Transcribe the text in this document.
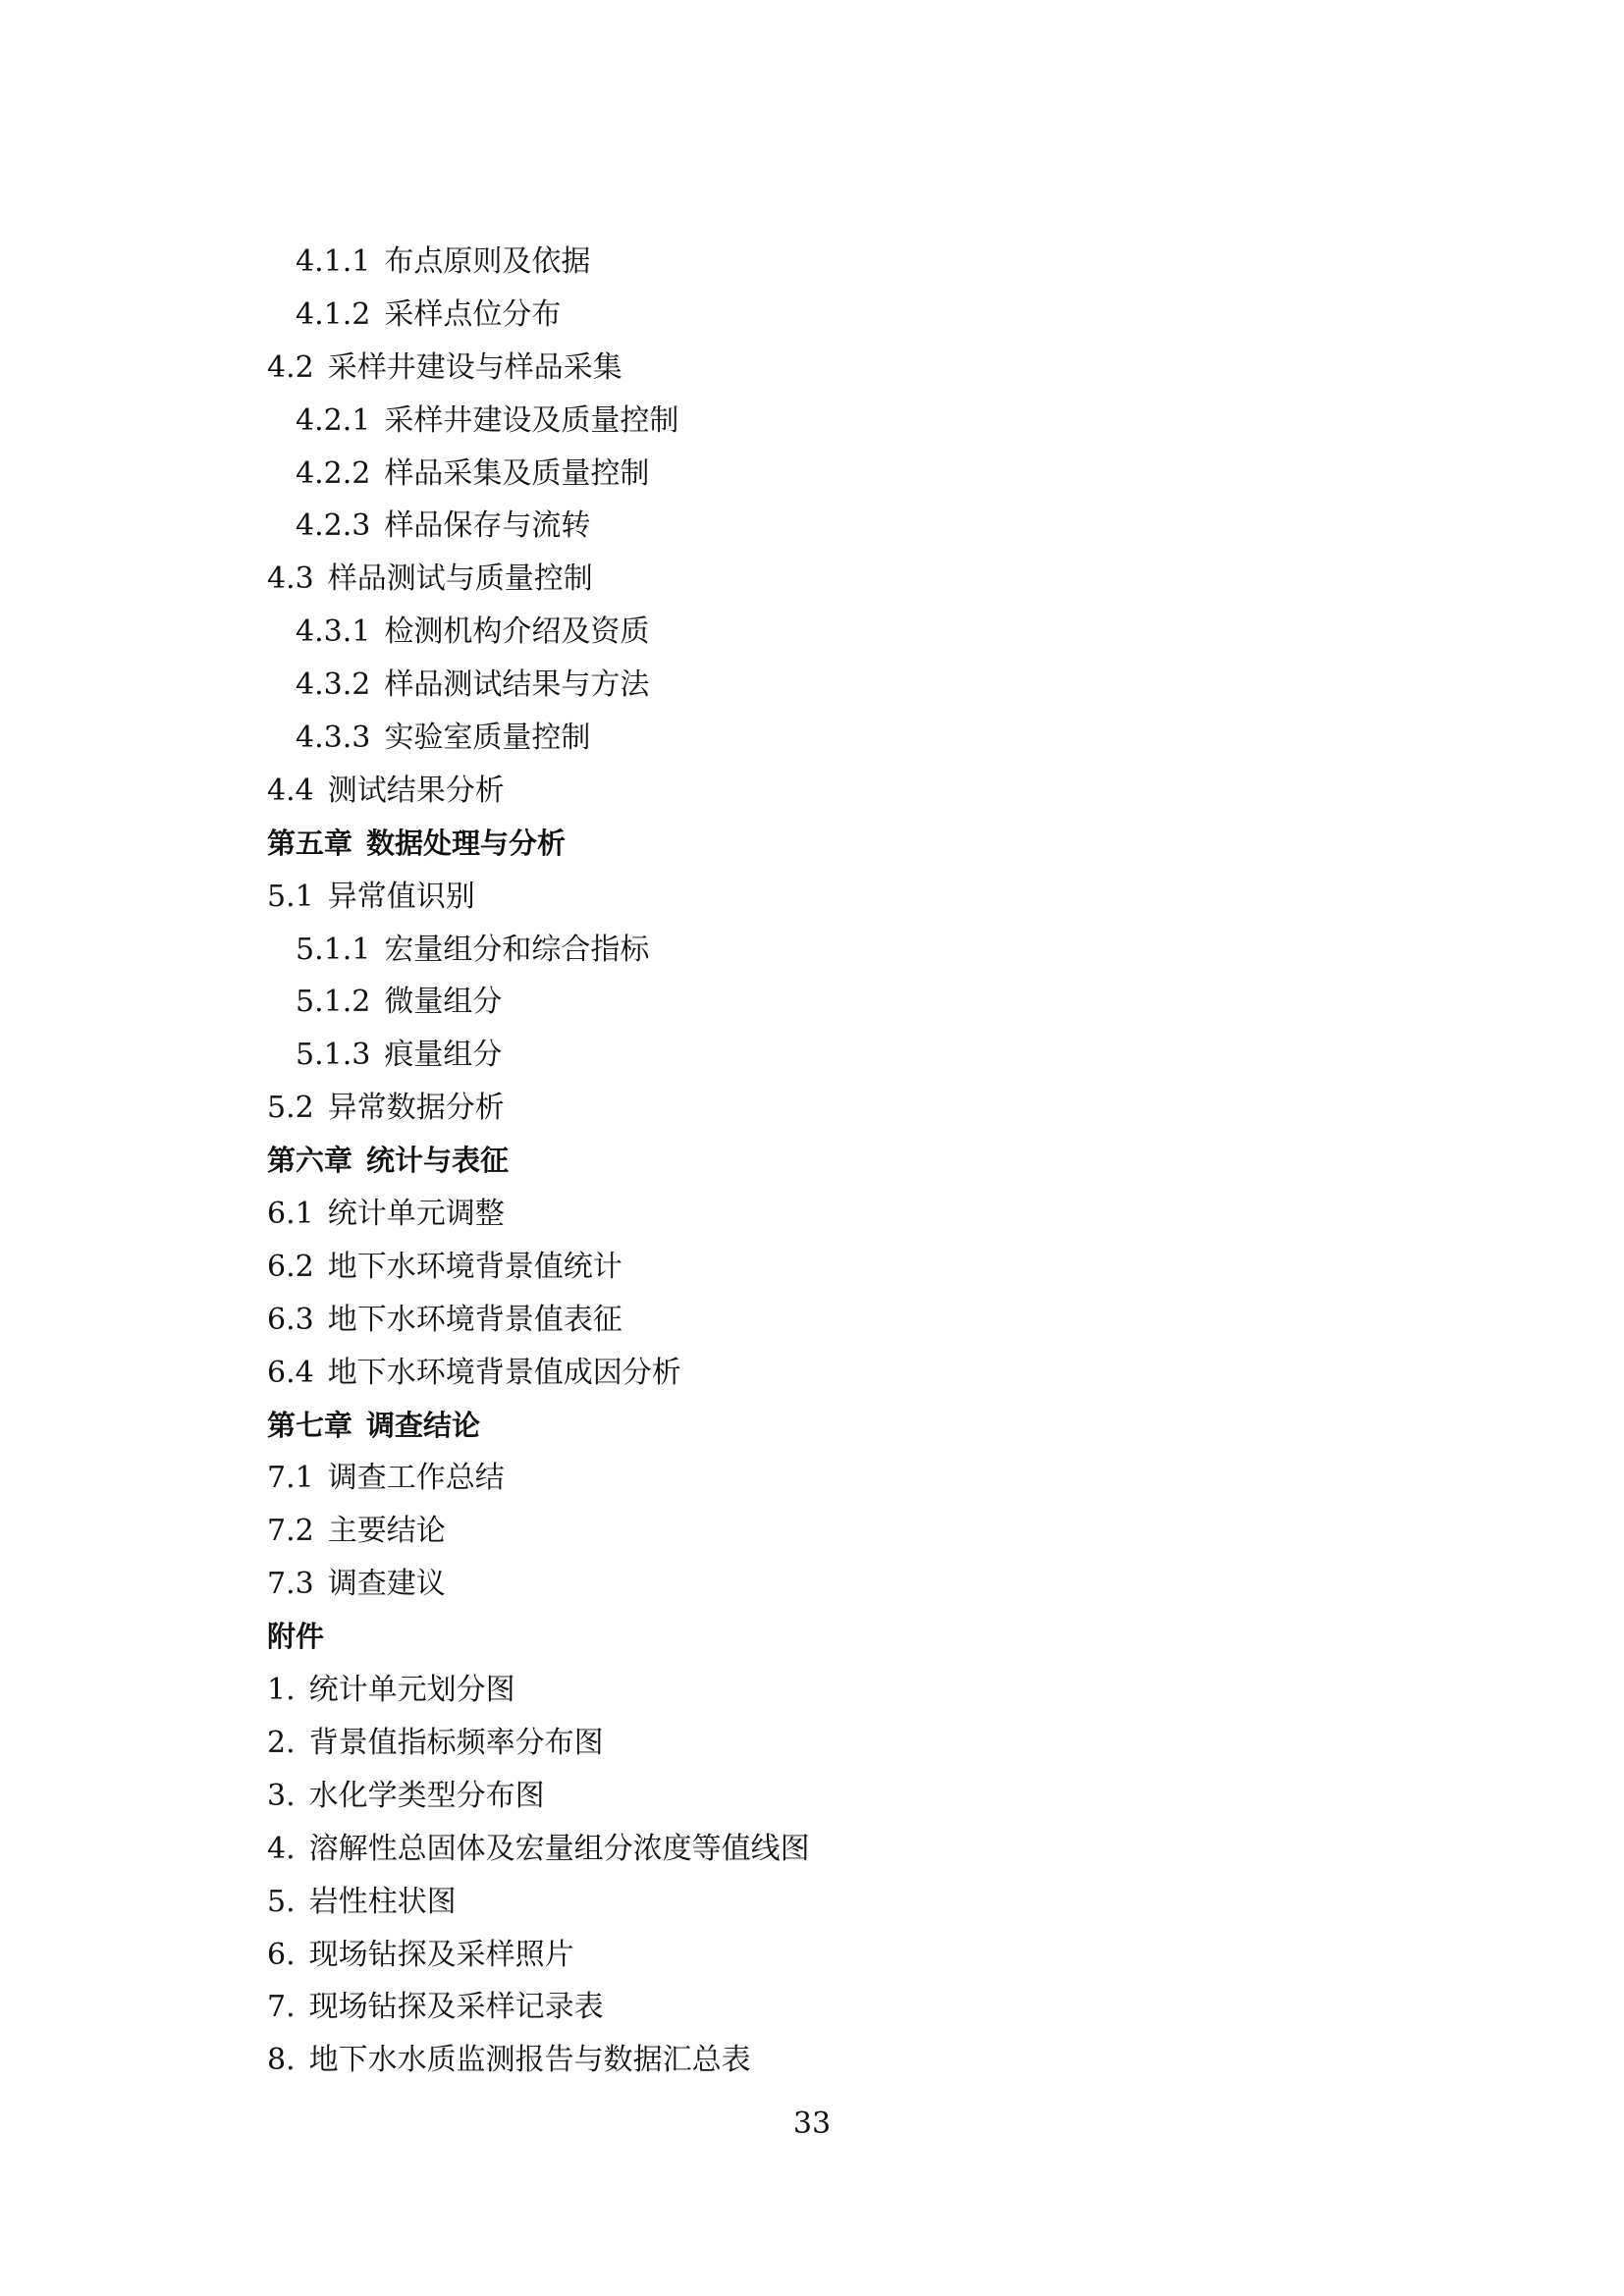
4.1.1 布点原则及依据
4.1.2 采样点位分布
4.2 采样井建设与样品采集
4.2.1 采样井建设及质量控制
4.2.2 样品采集及质量控制
4.2.3 样品保存与流转
4.3 样品测试与质量控制
4.3.1 检测机构介绍及资质
4.3.2 样品测试结果与方法
4.3.3 实验室质量控制
4.4 测试结果分析
第五章 数据处理与分析
5.1 异常值识别
5.1.1 宏量组分和综合指标
5.1.2 微量组分
5.1.3 痕量组分
5.2 异常数据分析
第六章 统计与表征
6.1 统计单元调整
6.2 地下水环境背景值统计
6.3 地下水环境背景值表征
6.4 地下水环境背景值成因分析
第七章 调查结论
7.1 调查工作总结
7.2 主要结论
7.3 调查建议
附件
1. 统计单元划分图
2. 背景值指标频率分布图
3. 水化学类型分布图
4. 溶解性总固体及宏量组分浓度等值线图
5. 岩性柱状图
6. 现场钻探及采样照片
7. 现场钻探及采样记录表
8. 地下水水质监测报告与数据汇总表
33
